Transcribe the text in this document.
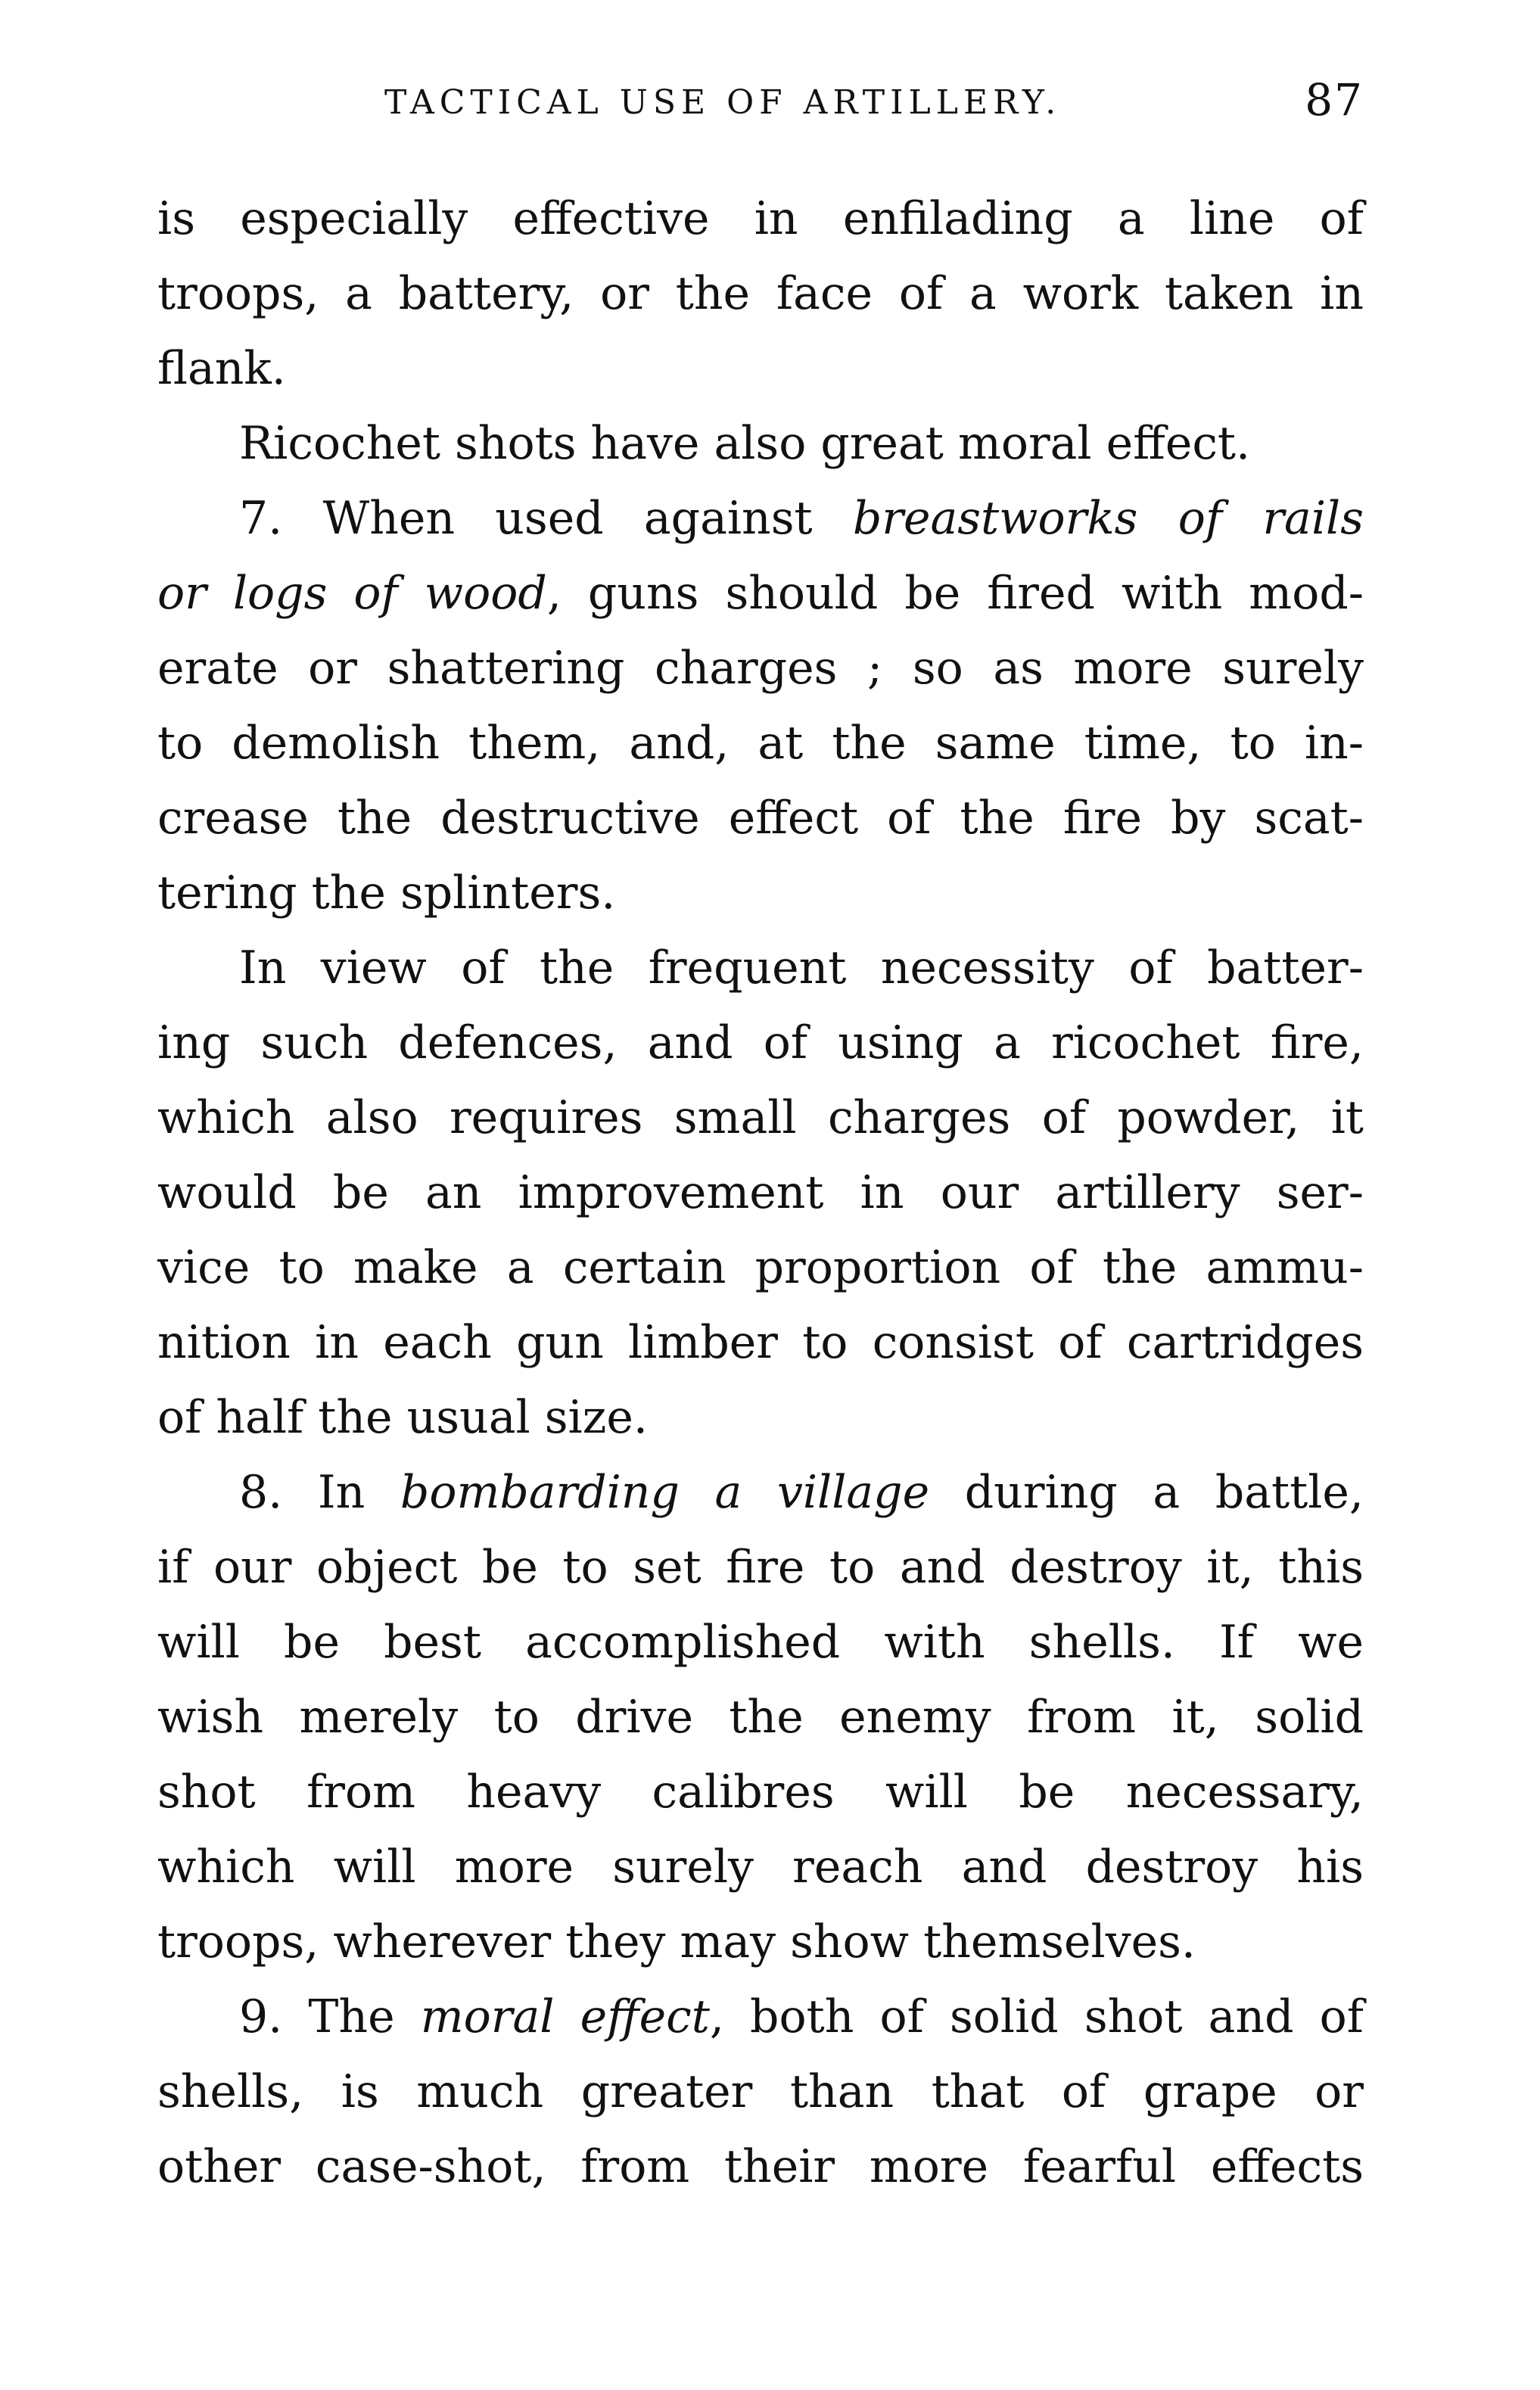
TACTICAL USE OF ARTILLERY.	87
is especially effective in enfilading a line of
troops, a battery, or the face of a work taken in
flank.
Ricochet shots have also great moral effect.
7. When used against breastworks of rails
or logs of wood, guns should be fired with mod-
erate or shattering charges ; so as more surely
to demolish them, and, at the same time, to in-
crease the destructive effect of the fire by scat-
tering the splinters.
In view of the frequent necessity of batter-
ing such defences, and of using a ricochet fire,
which also requires small charges of powder, it
would be an improvement in our artillery ser-
vice to make a certain proportion of the ammu-
nition in each gun limber to consist of cartridges
of half the usual size.
8. In bombarding a village during a battle,
if our object be to set fire to and destroy it, this
will be best accomplished with shells. If we
wish merely to drive the enemy from it, solid
shot from heavy calibres will be necessary,
which will more surely reach and destroy his
troops, wherever they may show themselves.
9. The moral effect, both of solid shot and of
shells, is much greater than that of grape or
other case-shot, from their more fearful effects
